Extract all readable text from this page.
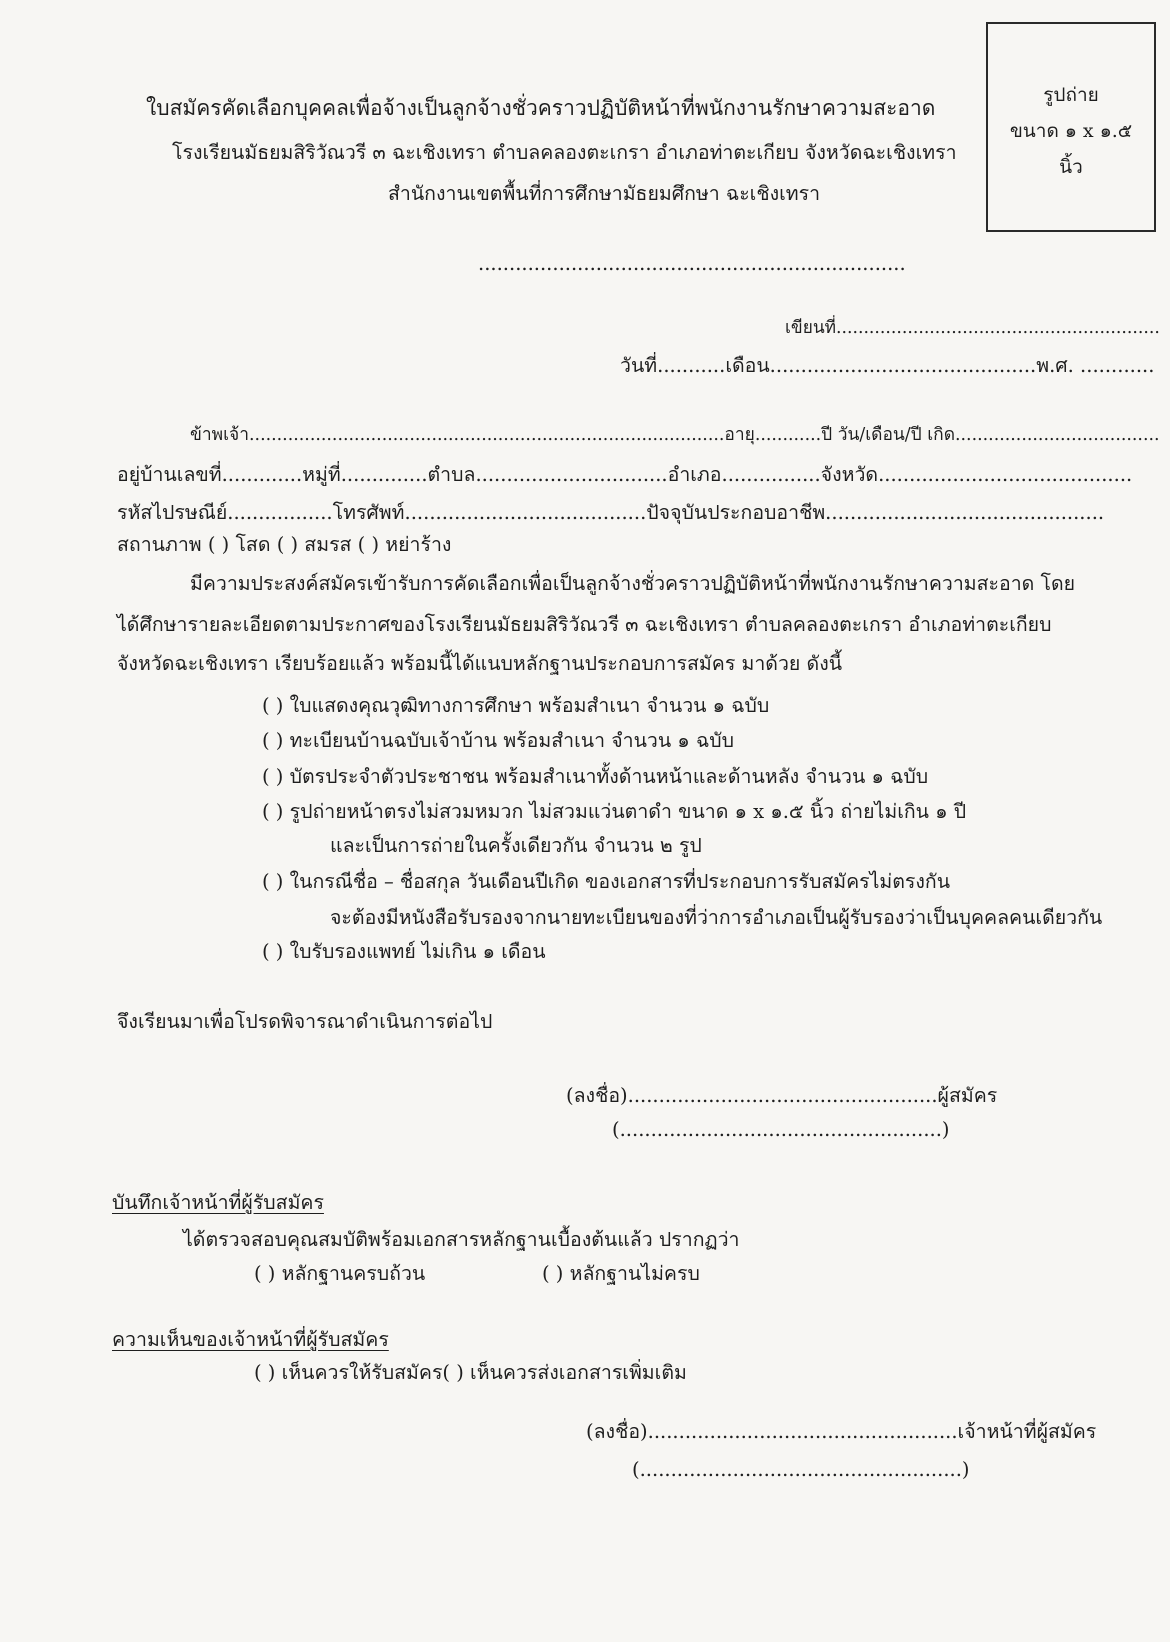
รูปถ่าย
ขนาด ๑ x ๑.๕
นิ้ว
ใบสมัครคัดเลือกบุคคลเพื่อจ้างเป็นลูกจ้างชั่วคราวปฏิบัติหน้าที่พนักงานรักษาความสะอาด
โรงเรียนมัธยมสิริวัณวรี ๓ ฉะเชิงเทรา ตำบลคลองตะเกรา อำเภอท่าตะเกียบ จังหวัดฉะเชิงเทรา
สำนักงานเขตพื้นที่การศึกษามัธยมศึกษา ฉะเชิงเทรา
.....................................................................
เขียนที่...........................................................
วันที่...........เดือน...........................................พ.ศ. ............
ข้าพเจ้า......................................................................................อายุ............ปี วัน/เดือน/ปี เกิด.....................................
อยู่บ้านเลขที่.............หมู่ที่..............ตำบล...............................อำเภอ................จังหวัด.........................................
รหัสไปรษณีย์.................โทรศัพท์.......................................ปัจจุบันประกอบอาชีพ.............................................
สถานภาพ ( ) โสด ( ) สมรส ( ) หย่าร้าง
มีความประสงค์สมัครเข้ารับการคัดเลือกเพื่อเป็นลูกจ้างชั่วคราวปฏิบัติหน้าที่พนักงานรักษาความสะอาด โดย
ได้ศึกษารายละเอียดตามประกาศของโรงเรียนมัธยมสิริวัณวรี ๓ ฉะเชิงเทรา ตำบลคลองตะเกรา อำเภอท่าตะเกียบ
จังหวัดฉะเชิงเทรา เรียบร้อยแล้ว พร้อมนี้ได้แนบหลักฐานประกอบการสมัคร มาด้วย ดังนี้
( ) ใบแสดงคุณวุฒิทางการศึกษา พร้อมสำเนา จำนวน ๑ ฉบับ
( ) ทะเบียนบ้านฉบับเจ้าบ้าน พร้อมสำเนา จำนวน ๑ ฉบับ
( ) บัตรประจำตัวประชาชน พร้อมสำเนาทั้งด้านหน้าและด้านหลัง จำนวน ๑ ฉบับ
( ) รูปถ่ายหน้าตรงไม่สวมหมวก ไม่สวมแว่นตาดำ ขนาด ๑ x ๑.๕ นิ้ว ถ่ายไม่เกิน ๑ ปี
และเป็นการถ่ายในครั้งเดียวกัน จำนวน ๒ รูป
( ) ในกรณีชื่อ – ชื่อสกุล วันเดือนปีเกิด ของเอกสารที่ประกอบการรับสมัครไม่ตรงกัน
จะต้องมีหนังสือรับรองจากนายทะเบียนของที่ว่าการอำเภอเป็นผู้รับรองว่าเป็นบุคคลคนเดียวกัน
( ) ใบรับรองแพทย์ ไม่เกิน ๑ เดือน
จึงเรียนมาเพื่อโปรดพิจารณาดำเนินการต่อไป
(ลงชื่อ)..................................................ผู้สมัคร
(....................................................)
บันทึกเจ้าหน้าที่ผู้รับสมัคร
ได้ตรวจสอบคุณสมบัติพร้อมเอกสารหลักฐานเบื้องต้นแล้ว ปรากฏว่า
( ) หลักฐานครบถ้วน	( ) หลักฐานไม่ครบ
ความเห็นของเจ้าหน้าที่ผู้รับสมัคร
( ) เห็นควรให้รับสมัคร( ) เห็นควรส่งเอกสารเพิ่มเติม
(ลงชื่อ)..................................................เจ้าหน้าที่ผู้สมัคร
(....................................................)
